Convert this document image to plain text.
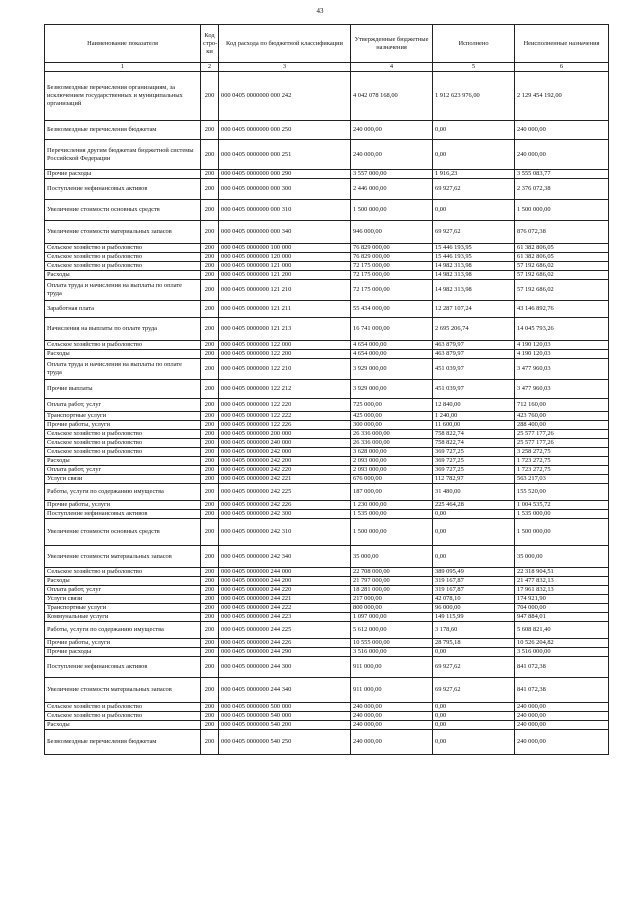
43
Наименование показателя	Код стро-ки	Код расхода по бюджетной классификации	Утвержденные бюджетные назначения	Исполнено	Неисполненные назначения
1	2	3	4	5	6
Безвозмездные перечисления организациям, за исключением государственных и муниципальных организаций	200	000 0405 0000000 000 242	4 042 078 168,00	1 912 623 976,00	2 129 454 192,00
Безвозмездные перечисления бюджетам	200	000 0405 0000000 000 250	240 000,00	0,00	240 000,00
Перечисления другим бюджетам бюджетной системы Российской Федерации	200	000 0405 0000000 000 251	240 000,00	0,00	240 000,00
Прочие расходы	200	000 0405 0000000 000 290	3 557 000,00	1 916,23	3 555 083,77
Поступление нефинансовых активов	200	000 0405 0000000 000 300	2 446 000,00	69 927,62	2 376 072,38
Увеличение стоимости основных средств	200	000 0405 0000000 000 310	1 500 000,00	0,00	1 500 000,00
Увеличение стоимости материальных запасов	200	000 0405 0000000 000 340	946 000,00	69 927,62	876 072,38
Сельское хозяйство и рыболовство	200	000 0405 0000000 100 000	76 829 000,00	15 446 193,95	61 382 806,05
Сельское хозяйство и рыболовство	200	000 0405 0000000 120 000	76 829 000,00	15 446 193,95	61 382 806,05
Сельское хозяйство и рыболовство	200	000 0405 0000000 121 000	72 175 000,00	14 982 313,98	57 192 686,02
Расходы	200	000 0405 0000000 121 200	72 175 000,00	14 982 313,98	57 192 686,02
Оплата труда и начисления на выплаты по оплате труда	200	000 0405 0000000 121 210	72 175 000,00	14 982 313,98	57 192 686,02
Заработная плата	200	000 0405 0000000 121 211	55 434 000,00	12 287 107,24	43 146 892,76
Начисления на выплаты по оплате труда	200	000 0405 0000000 121 213	16 741 000,00	2 695 206,74	14 045 793,26
Сельское хозяйство и рыболовство	200	000 0405 0000000 122 000	4 654 000,00	463 879,97	4 190 120,03
Расходы	200	000 0405 0000000 122 200	4 654 000,00	463 879,97	4 190 120,03
Оплата труда и начисления на выплаты по оплате труда	200	000 0405 0000000 122 210	3 929 000,00	451 039,97	3 477 960,03
Прочие выплаты	200	000 0405 0000000 122 212	3 929 000,00	451 039,97	3 477 960,03
Оплата работ, услуг	200	000 0405 0000000 122 220	725 000,00	12 840,00	712 160,00
Транспортные услуги	200	000 0405 0000000 122 222	425 000,00	1 240,00	423 760,00
Прочие работы, услуги	200	000 0405 0000000 122 226	300 000,00	11 600,00	288 400,00
Сельское хозяйство и рыболовство	200	000 0405 0000000 200 000	26 336 000,00	758 822,74	25 577 177,26
Сельское хозяйство и рыболовство	200	000 0405 0000000 240 000	26 336 000,00	758 822,74	25 577 177,26
Сельское хозяйство и рыболовство	200	000 0405 0000000 242 000	3 628 000,00	369 727,25	3 258 272,75
Расходы	200	000 0405 0000000 242 200	2 093 000,00	369 727,25	1 723 272,75
Оплата работ, услуг	200	000 0405 0000000 242 220	2 093 000,00	369 727,25	1 723 272,75
Услуги связи	200	000 0405 0000000 242 221	676 000,00	112 782,97	563 217,03
Работы, услуги по содержанию имущества	200	000 0405 0000000 242 225	187 000,00	31 480,00	155 520,00
Прочие работы, услуги	200	000 0405 0000000 242 226	1 230 000,00	225 464,28	1 004 535,72
Поступление нефинансовых активов	200	000 0405 0000000 242 300	1 535 000,00	0,00	1 535 000,00
Увеличение стоимости основных средств	200	000 0405 0000000 242 310	1 500 000,00	0,00	1 500 000,00
Увеличение стоимости материальных запасов	200	000 0405 0000000 242 340	35 000,00	0,00	35 000,00
Сельское хозяйство и рыболовство	200	000 0405 0000000 244 000	22 708 000,00	389 095,49	22 318 904,51
Расходы	200	000 0405 0000000 244 200	21 797 000,00	319 167,87	21 477 832,13
Оплата работ, услуг	200	000 0405 0000000 244 220	18 281 000,00	319 167,87	17 961 832,13
Услуги связи	200	000 0405 0000000 244 221	217 000,00	42 078,10	174 921,90
Транспортные услуги	200	000 0405 0000000 244 222	800 000,00	96 000,00	704 000,00
Коммунальные услуги	200	000 0405 0000000 244 223	1 097 000,00	149 115,99	947 884,01
Работы, услуги по содержанию имущества	200	000 0405 0000000 244 225	5 612 000,00	3 178,60	5 608 821,40
Прочие работы, услуги	200	000 0405 0000000 244 226	10 555 000,00	28 795,18	10 526 204,82
Прочие расходы	200	000 0405 0000000 244 290	3 516 000,00	0,00	3 516 000,00
Поступление нефинансовых активов	200	000 0405 0000000 244 300	911 000,00	69 927,62	841 072,38
Увеличение стоимости материальных запасов	200	000 0405 0000000 244 340	911 000,00	69 927,62	841 072,38
Сельское хозяйство и рыболовство	200	000 0405 0000000 500 000	240 000,00	0,00	240 000,00
Сельское хозяйство и рыболовство	200	000 0405 0000000 540 000	240 000,00	0,00	240 000,00
Расходы	200	000 0405 0000000 540 200	240 000,00	0,00	240 000,00
Безвозмездные перечисления бюджетам	200	000 0405 0000000 540 250	240 000,00	0,00	240 000,00
